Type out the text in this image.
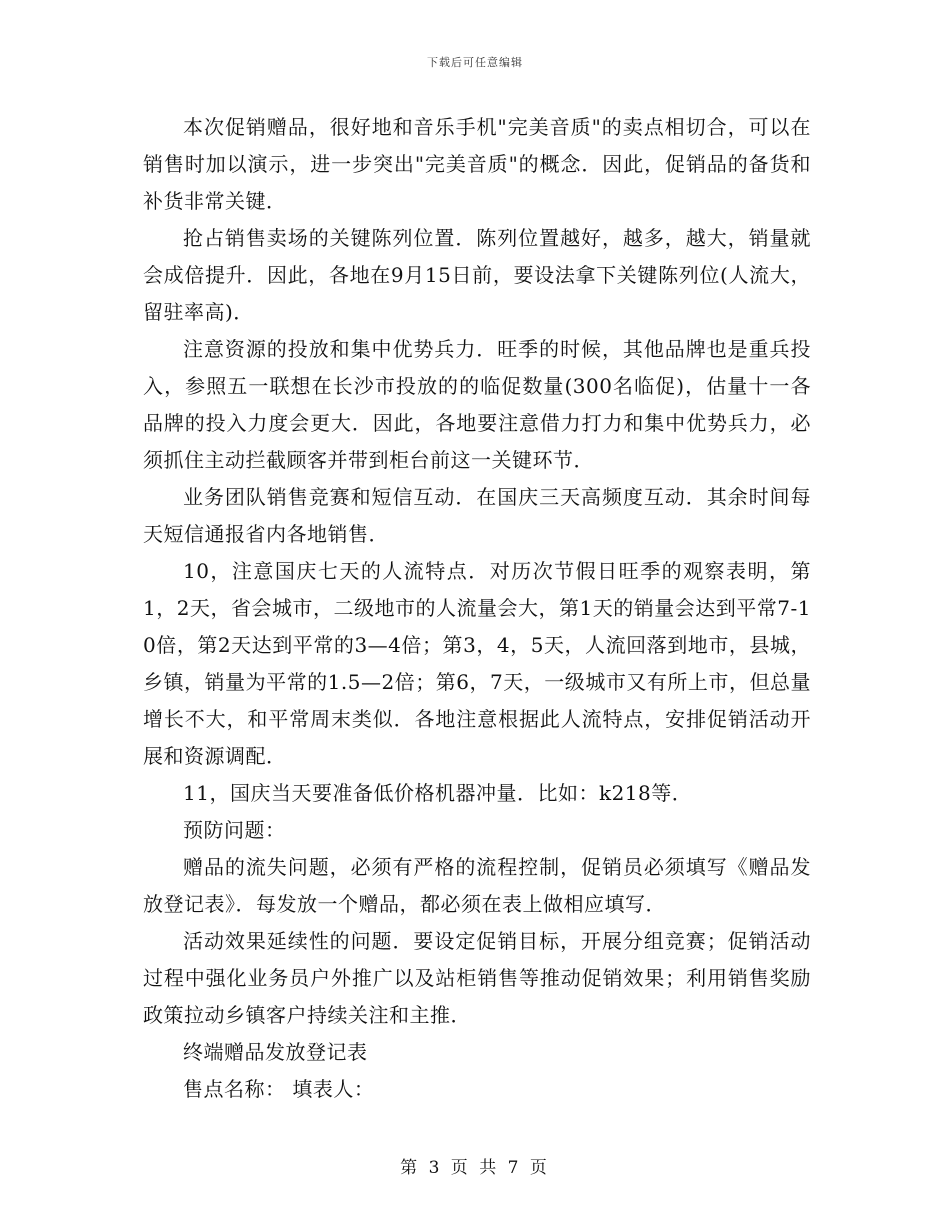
下载后可任意编辑

本次促销赠品，很好地和音乐手机"完美音质"的卖点相切合，可以在销售时加以演示，进一步突出"完美音质"的概念．因此，促销品的备货和补货非常关键．

抢占销售卖场的关键陈列位置．陈列位置越好，越多，越大，销量就会成倍提升．因此，各地在9月15日前，要设法拿下关键陈列位(人流大，留驻率高)．

注意资源的投放和集中优势兵力．旺季的时候，其他品牌也是重兵投入，参照五一联想在长沙市投放的的临促数量(300名临促)，估量十一各品牌的投入力度会更大．因此，各地要注意借力打力和集中优势兵力，必须抓住主动拦截顾客并带到柜台前这一关键环节．

业务团队销售竞赛和短信互动．在国庆三天高频度互动．其余时间每天短信通报省内各地销售．

10，注意国庆七天的人流特点．对历次节假日旺季的观察表明，第1，2天，省会城市，二级地市的人流量会大，第1天的销量会达到平常7-10倍，第2天达到平常的3—4倍；第3，4，5天，人流回落到地市，县城，乡镇，销量为平常的1.5—2倍；第6，7天，一级城市又有所上市，但总量增长不大，和平常周末类似．各地注意根据此人流特点，安排促销活动开展和资源调配．

11，国庆当天要准备低价格机器冲量．比如：k218等．

预防问题：

赠品的流失问题，必须有严格的流程控制，促销员必须填写《赠品发放登记表》．每发放一个赠品，都必须在表上做相应填写．

活动效果延续性的问题．要设定促销目标，开展分组竞赛；促销活动过程中强化业务员户外推广以及站柜销售等推动促销效果；利用销售奖励政策拉动乡镇客户持续关注和主推．

终端赠品发放登记表

售点名称： 填表人：

第 3 页 共 7 页
